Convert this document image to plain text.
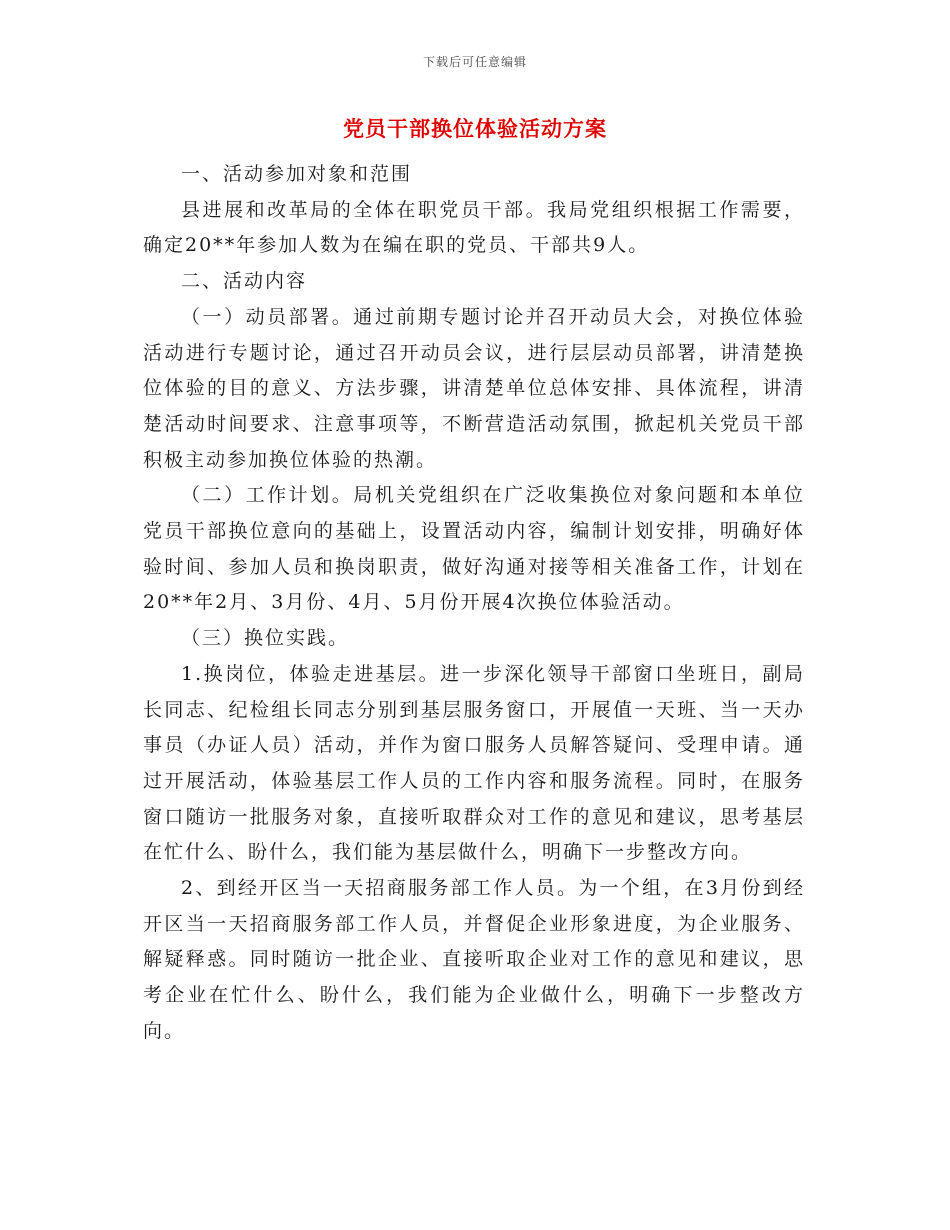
下载后可任意编辑
党员干部换位体验活动方案

一、活动参加对象和范围

县进展和改革局的全体在职党员干部。我局党组织根据工作需要，确定20**年参加人数为在编在职的党员、干部共9人。

二、活动内容

（一）动员部署。通过前期专题讨论并召开动员大会，对换位体验活动进行专题讨论，通过召开动员会议，进行层层动员部署，讲清楚换位体验的目的意义、方法步骤，讲清楚单位总体安排、具体流程，讲清楚活动时间要求、注意事项等，不断营造活动氛围，掀起机关党员干部积极主动参加换位体验的热潮。

（二）工作计划。局机关党组织在广泛收集换位对象问题和本单位党员干部换位意向的基础上，设置活动内容，编制计划安排，明确好体验时间、参加人员和换岗职责，做好沟通对接等相关准备工作，计划在20**年2月、3月份、4月、5月份开展4次换位体验活动。

（三）换位实践。

1.换岗位，体验走进基层。进一步深化领导干部窗口坐班日，副局长同志、纪检组长同志分别到基层服务窗口，开展值一天班、当一天办事员（办证人员）活动，并作为窗口服务人员解答疑问、受理申请。通过开展活动，体验基层工作人员的工作内容和服务流程。同时，在服务窗口随访一批服务对象，直接听取群众对工作的意见和建议，思考基层在忙什么、盼什么，我们能为基层做什么，明确下一步整改方向。

2、到经开区当一天招商服务部工作人员。为一个组，在3月份到经开区当一天招商服务部工作人员，并督促企业形象进度，为企业服务、解疑释惑。同时随访一批企业、直接听取企业对工作的意见和建议，思考企业在忙什么、盼什么，我们能为企业做什么，明确下一步整改方向。
